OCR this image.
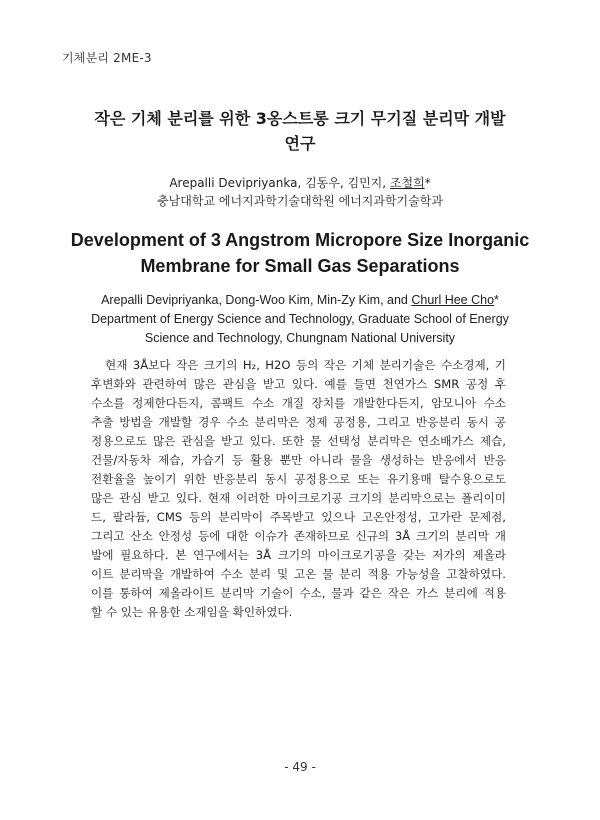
기체분리 2ME-3
작은 기체 분리를 위한 3옹스트롱 크기 무기질 분리막 개발
연구
Arepalli Devipriyanka, 김동우, 김민지, 조철희*
충남대학교 에너지과학기술대학원 에너지과학기술학과
Development of 3 Angstrom Micropore Size Inorganic
Membrane for Small Gas Separations
Arepalli Devipriyanka, Dong-Woo Kim, Min-Zy Kim, and Churl Hee Cho*
Department of Energy Science and Technology, Graduate School of Energy
Science and Technology, Chungnam National University
현재 3Å보다 작은 크기의 H₂, H2O 등의 작은 기체 분리기술은 수소경제, 기
후변화와 관련하여 많은 관심을 받고 있다. 예를 들면 천연가스 SMR 공정 후
수소를 정제한다든지, 콤팩트 수소 개질 장치를 개발한다든지, 암모니아 수소
추출 방법을 개발할 경우 수소 분리막은 정제 공정용, 그리고 반응분리 동시 공
정용으로도 많은 관심을 받고 있다. 또한 물 선택성 분리막은 연소배가스 제습,
건물/자동차 제습, 가습기 등 활용 뿐만 아니라 물을 생성하는 반응에서 반응
전환율을 높이기 위한 반응분리 동시 공정용으로 또는 유기용매 탈수용으로도
많은 관심 받고 있다. 현재 이러한 마이크로기공 크기의 분리막으로는 폴리이미
드, 팔라듐, CMS 등의 분리막이 주목받고 있으나 고온안정성, 고가란 문제점,
그리고 산소 안정성 등에 대한 이슈가 존재하므로 신규의 3Å 크기의 분리막 개
발에 필요하다. 본 연구에서는 3Å 크기의 마이크로기공을 갖는 저가의 제올라
이트 분리막을 개발하여 수소 분리 및 고온 물 분리 적용 가능성을 고찰하였다.
이를 통하여 제올라이트 분리막 기술이 수소, 물과 같은 작은 가스 분리에 적용
할 수 있는 유용한 소재임을 확인하였다.
- 49 -
